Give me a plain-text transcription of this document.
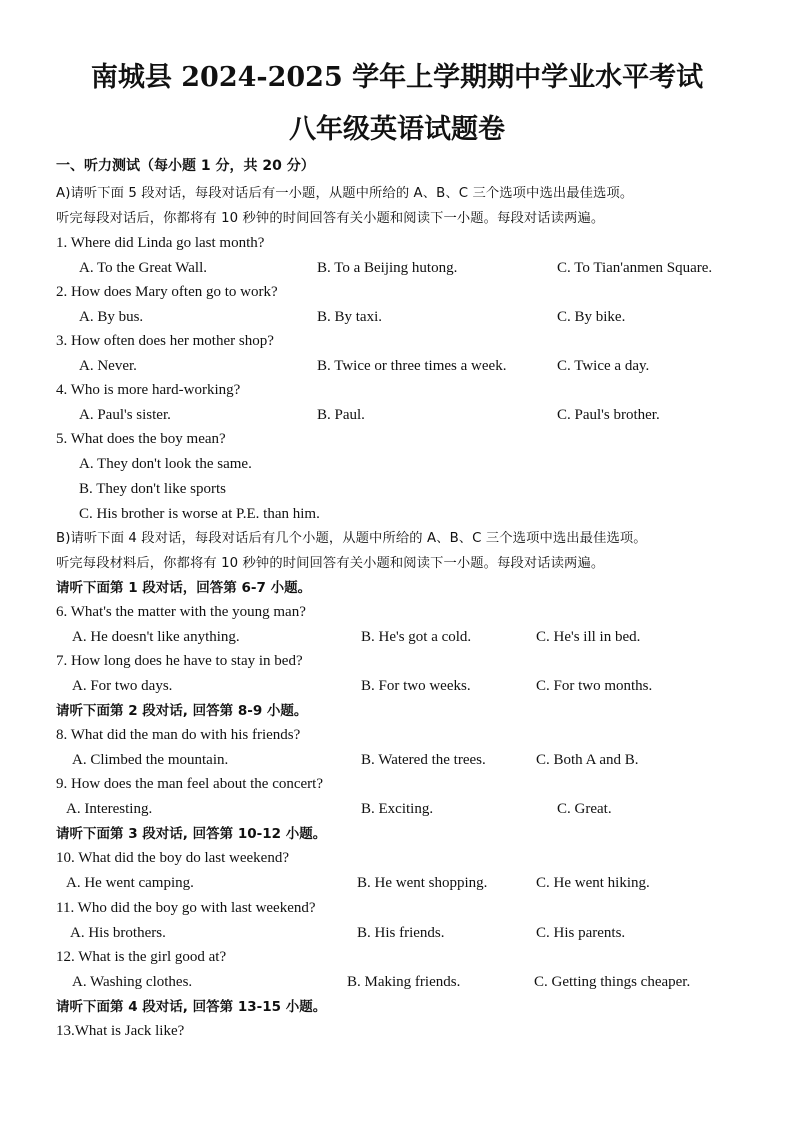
南城县 2024-2025 学年上学期期中学业水平考试
八年级英语试题卷
一、听力测试（每小题 1 分，共 20 分）
A)请听下面 5 段对话，每段对话后有一小题，从题中所给的 A、B、C 三个选项中选出最佳选项。
听完每段对话后，你都将有 10 秒钟的时间回答有关小题和阅读下一小题。每段对话读两遍。
1. Where did Linda go last month?
A. To the Great Wall.	B. To a Beijing hutong.	C. To Tian'anmen Square.
2. How does Mary often go to work?
A. By bus.	B. By taxi.	C. By bike.
3. How often does her mother shop?
A. Never.	B. Twice or three times a week.	C. Twice a day.
4. Who is more hard-working?
A. Paul's sister.	B. Paul.	C. Paul's brother.
5. What does the boy mean?
A. They don't look the same.
B. They don't like sports
C. His brother is worse at P.E. than him.
B)请听下面 4 段对话，每段对话后有几个小题，从题中所给的 A、B、C 三个选项中选出最佳选项。
听完每段材料后，你都将有 10 秒钟的时间回答有关小题和阅读下一小题。每段对话读两遍。
请听下面第 1 段对话，回答第 6-7 小题。
6. What's the matter with the young man?
A. He doesn't like anything.	B. He's got a cold.	C. He's ill in bed.
7. How long does he have to stay in bed?
A. For two days.	B. For two weeks.	C. For two months.
请听下面第 2 段对话, 回答第 8-9 小题。
8. What did the man do with his friends?
A. Climbed the mountain.	B. Watered the trees.	C. Both A and B.
9. How does the man feel about the concert?
A. Interesting.	B. Exciting.	C. Great.
请听下面第 3 段对话, 回答第 10-12 小题。
10. What did the boy do last weekend?
A. He went camping.	B. He went shopping.	C. He went hiking.
11. Who did the boy go with last weekend?
A. His brothers.	B. His friends.	C. His parents.
12. What is the girl good at?
A. Washing clothes.	B. Making friends.	C. Getting things cheaper.
请听下面第 4 段对话, 回答第 13-15 小题。
13.What is Jack like?
